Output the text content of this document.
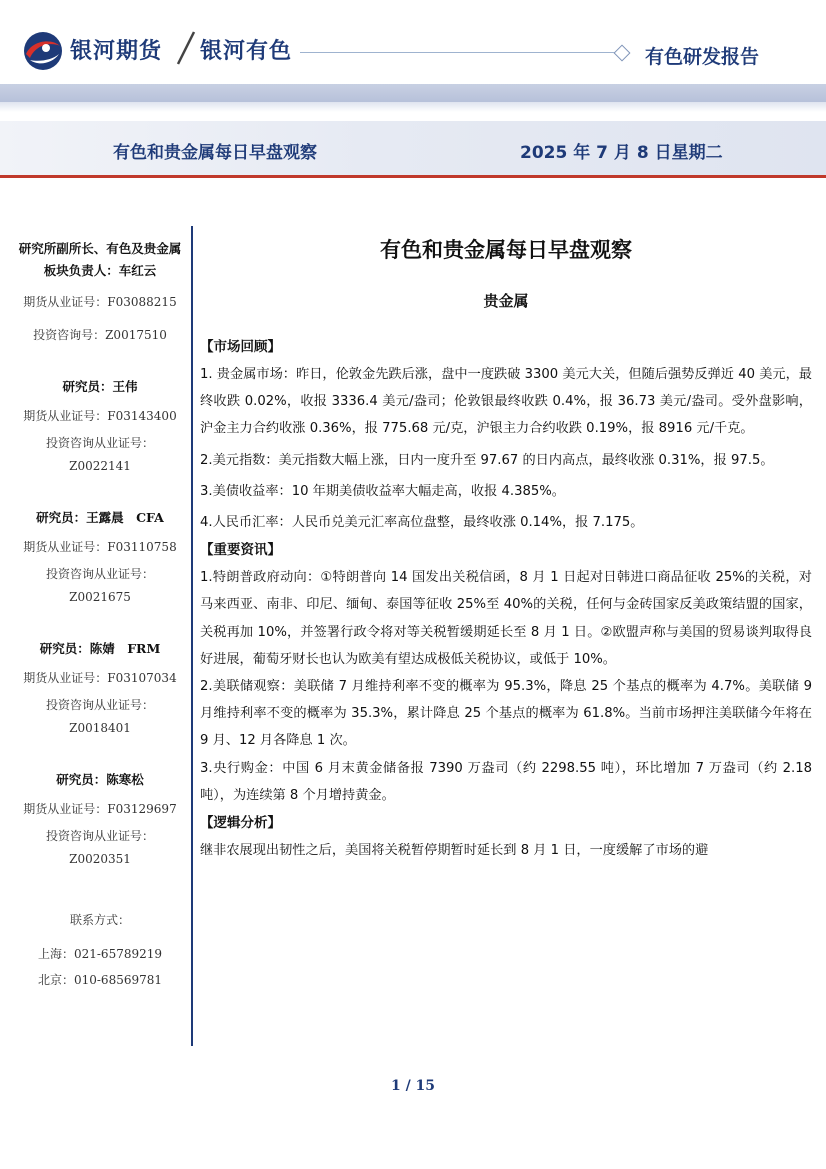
银河期货 银河有色	有色研发报告
有色和贵金属每日早盘观察	2025 年 7 月 8 日星期二
研究所副所长、有色及贵金属板块负责人：车红云
期货从业证号：F03088215
投资咨询号：Z0017510
研究员：王伟
期货从业证号：F03143400
投资咨询从业证号：
Z0022141
研究员：王露晨　CFA
期货从业证号：F03110758
投资咨询从业证号：
Z0021675
研究员：陈婧　FRM
期货从业证号：F03107034
投资咨询从业证号：
Z0018401
研究员：陈寒松
期货从业证号：F03129697
投资咨询从业证号：
Z0020351
联系方式：
上海：021-65789219
北京：010-68569781
有色和贵金属每日早盘观察
贵金属
【市场回顾】
1. 贵金属市场：昨日，伦敦金先跌后涨，盘中一度跌破 3300 美元大关，但随后强势反弹近 40 美元，最终收跌 0.02%，收报 3336.4 美元/盎司；伦敦银最终收跌 0.4%，报 36.73 美元/盎司。受外盘影响，沪金主力合约收涨 0.36%，报 775.68 元/克，沪银主力合约收跌 0.19%，报 8916 元/千克。
2.美元指数：美元指数大幅上涨，日内一度升至 97.67 的日内高点，最终收涨 0.31%，报 97.5。
3.美债收益率：10 年期美债收益率大幅走高，收报 4.385%。
4.人民币汇率：人民币兑美元汇率高位盘整，最终收涨 0.14%，报 7.175。
【重要资讯】
1.特朗普政府动向：①特朗普向 14 国发出关税信函，8 月 1 日起对日韩进口商品征收 25%的关税，对马来西亚、南非、印尼、缅甸、泰国等征收 25%至 40%的关税，任何与金砖国家反美政策结盟的国家，关税再加 10%，并签署行政令将对等关税暂缓期延长至 8 月 1 日。②欧盟声称与美国的贸易谈判取得良好进展，葡萄牙财长也认为欧美有望达成极低关税协议，或低于 10%。
2.美联储观察：美联储 7 月维持利率不变的概率为 95.3%，降息 25 个基点的概率为 4.7%。美联储 9 月维持利率不变的概率为 35.3%，累计降息 25 个基点的概率为 61.8%。当前市场押注美联储今年将在 9 月、12 月各降息 1 次。
3.央行购金：中国 6 月末黄金储备报 7390 万盎司（约 2298.55 吨），环比增加 7 万盎司（约 2.18 吨），为连续第 8 个月增持黄金。
【逻辑分析】
继非农展现出韧性之后，美国将关税暂停期暂时延长到 8 月 1 日，一度缓解了市场的避
1 / 15
